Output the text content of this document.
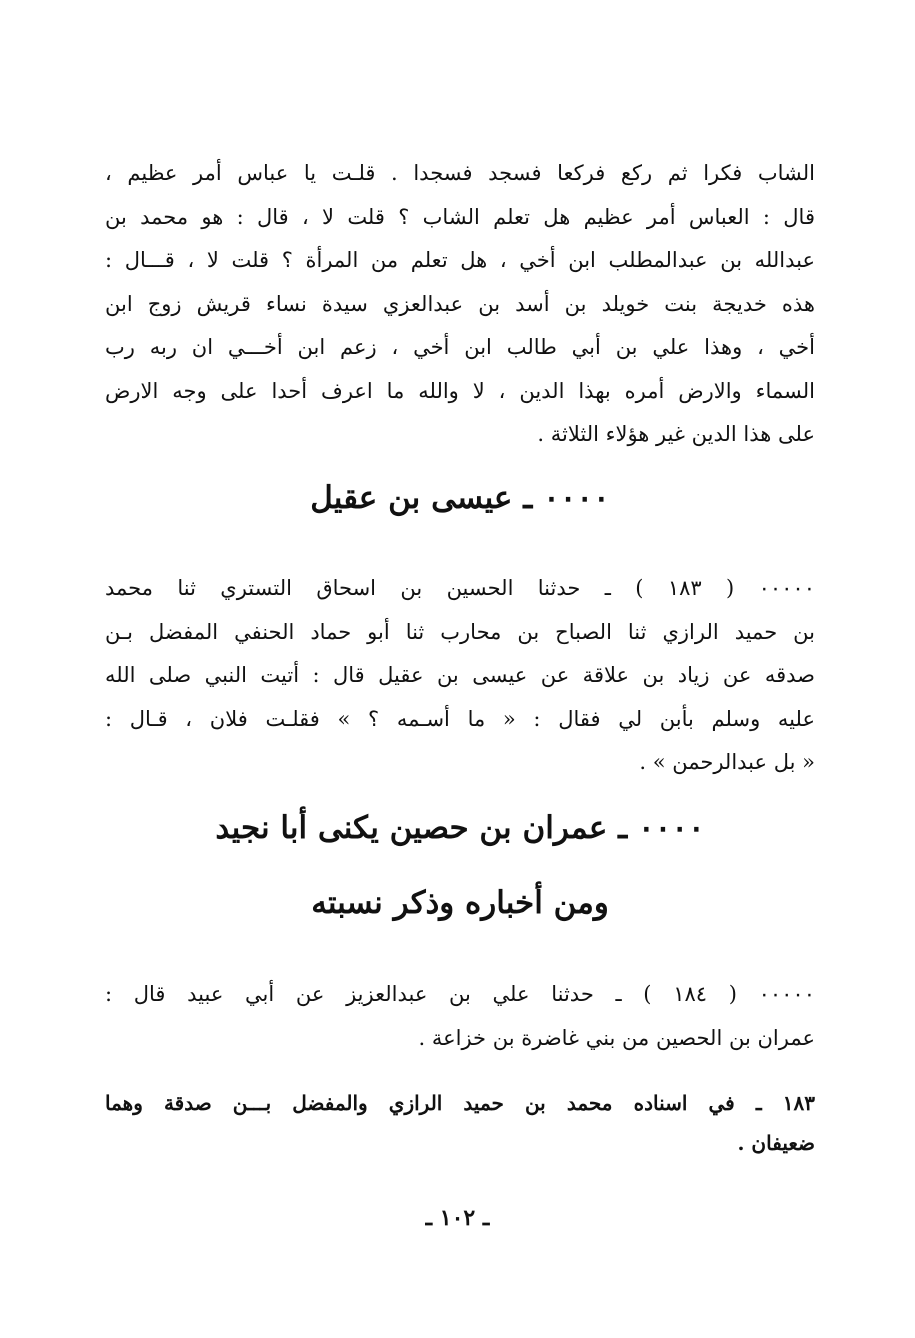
الشاب فكرا ثم ركع فركعا فسجد فسجدا . قلـت يا عباس أمر عظيم ،
قال : العباس أمر عظيم هل تعلم الشاب ؟ قلت لا ، قال : هو محمد بن
عبدالله بن عبدالمطلب ابن أخي ، هل تعلم من المرأة ؟ قلت لا ، قـــال :
هذه خديجة بنت خويلد بن أسد بن عبدالعزي سيدة نساء قريش زوج ابن
أخي ، وهذا علي بن أبي طالب ابن أخي ، زعم ابن أخـــي ان ربه رب
السماء والارض أمره بهذا الدين ، لا والله ما اعرف أحدا على وجه الارض
على هذا الدين غير هؤلاء الثلاثة .
٠٠٠٠ ـ عيسى بن عقيل
٠٠٠٠٠ ( ١٨٣ ) ـ حدثنا الحسين بن اسحاق التستري ثنا محمد
بن حميد الرازي ثنا الصباح بن محارب ثنا أبو حماد الحنفي المفضل بـن
صدقه عن زياد بن علاقة عن عيسى بن عقيل قال : أتيت النبي صلى الله
عليه وسلم بأبن لي فقال : « ما أسـمه ؟ » فقلـت فلان ، قـال :
« بل عبدالرحمن » .
٠٠٠٠ ـ عمران بن حصين يكنى أبا نجيد
ومن أخباره وذكر نسبته
٠٠٠٠٠ ( ١٨٤ ) ـ حدثنا علي بن عبدالعزيز عن أبي عبيد قال :
عمران بن الحصين من بني غاضرة بن خزاعة .
١٨٣ ـ في اسناده محمد بن حميد الرازي والمفضل بـــن صدقة وهما
ضعيفان .
ـ ١٠٢ ـ
